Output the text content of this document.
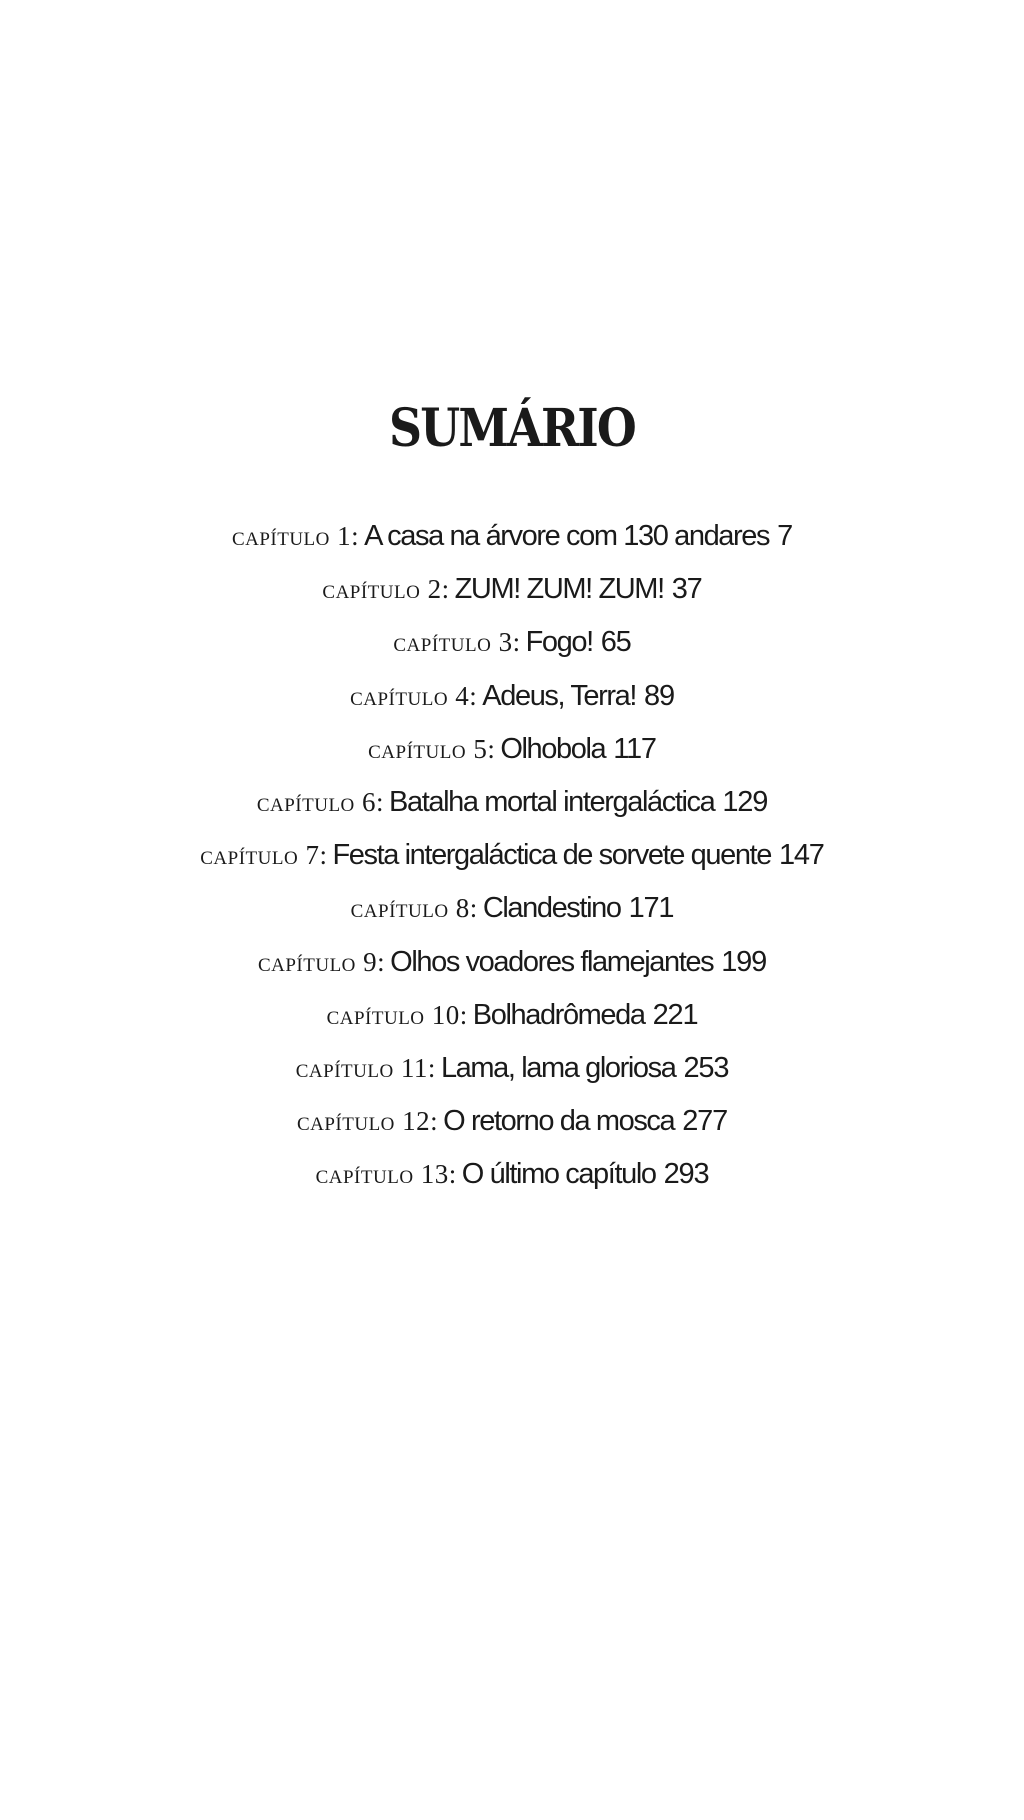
SUMÁRIO
capítulo 1: A casa na árvore com 130 andares 7
capítulo 2: ZUM! ZUM! ZUM! 37
capítulo 3: Fogo! 65
capítulo 4: Adeus, Terra! 89
capítulo 5: Olhobola 117
capítulo 6: Batalha mortal intergaláctica 129
capítulo 7: Festa intergaláctica de sorvete quente 147
capítulo 8: Clandestino 171
capítulo 9: Olhos voadores flamejantes 199
capítulo 10: Bolhadrômeda 221
capítulo 11: Lama, lama gloriosa 253
capítulo 12: O retorno da mosca 277
capítulo 13: O último capítulo 293
